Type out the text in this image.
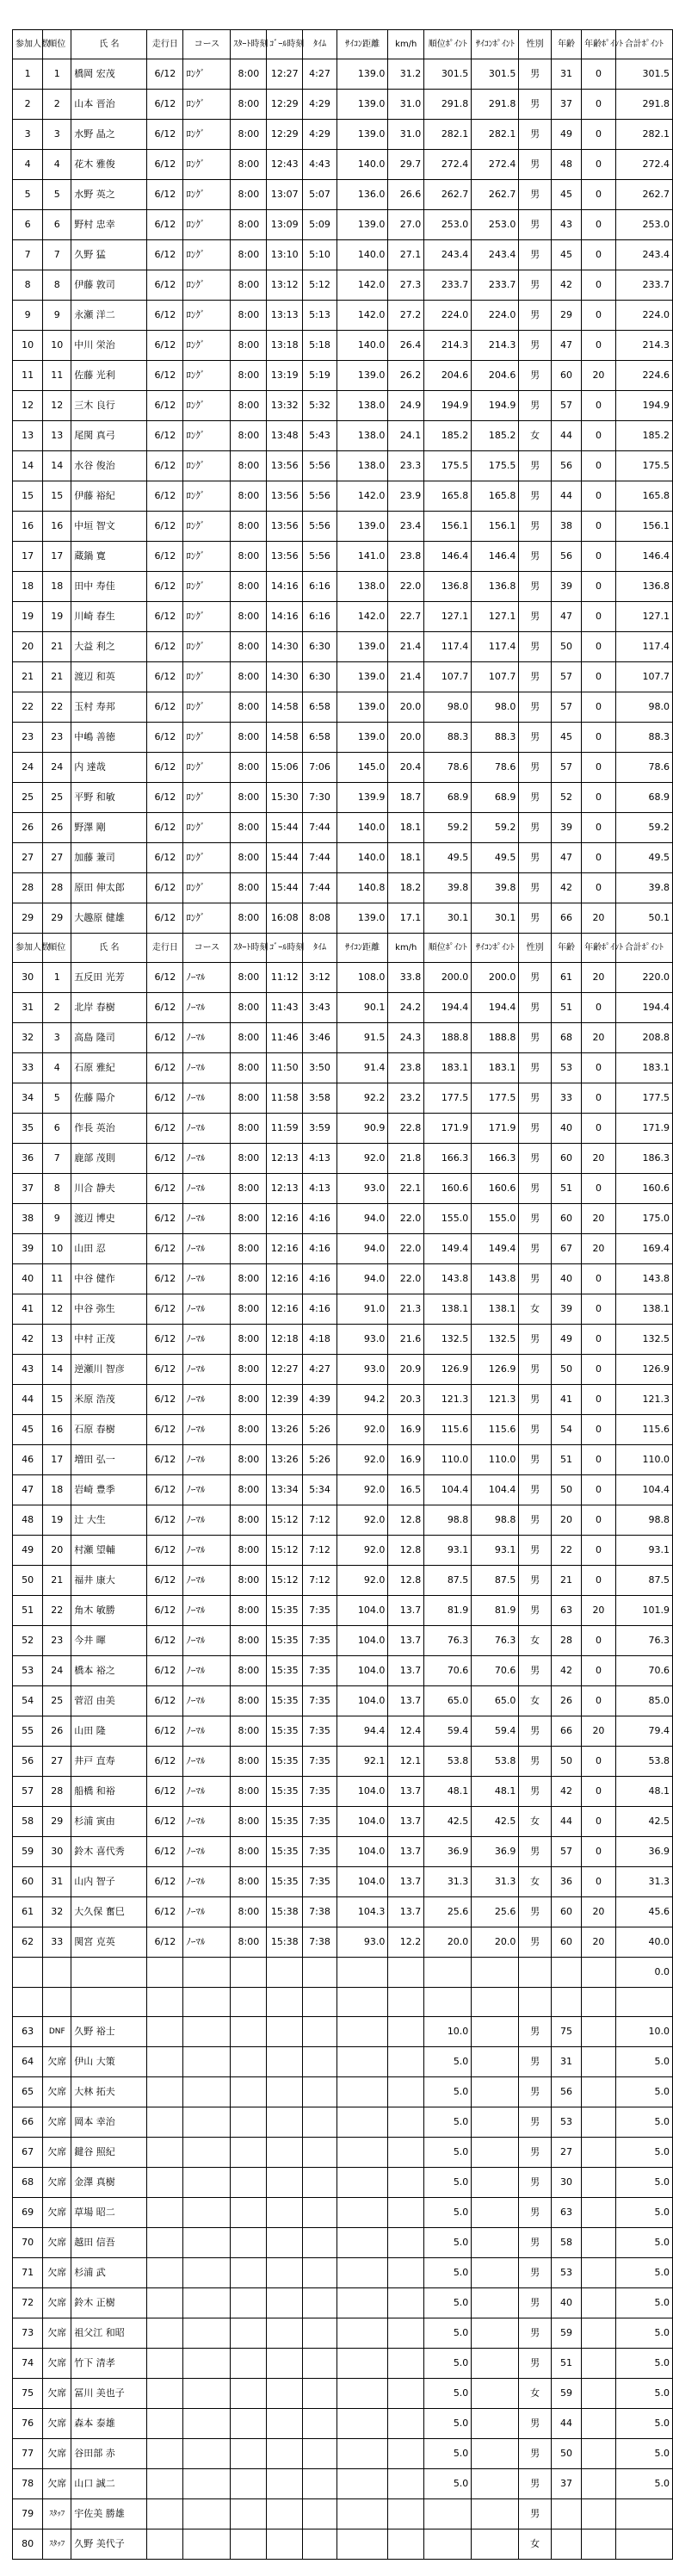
参加人数	順位	氏 名	走行日	コース	ｽﾀｰﾄ時刻	ｺﾞｰﾙ時刻	ﾀｲﾑ	ｻｲｺﾝ距離	km/h	順位ﾎﾟｲﾝﾄ	ｻｲｺﾝﾎﾟｲﾝﾄ	性別	年齢	年齢ﾎﾟｲﾝﾄ	合計ﾎﾟｲﾝﾄ
1	1	橋岡 宏茂	6/12	ﾛﾝｸﾞ	8:00	12:27	4:27	139.0	31.2	301.5	301.5	男	31	0	301.5
2	2	山本 晋治	6/12	ﾛﾝｸﾞ	8:00	12:29	4:29	139.0	31.0	291.8	291.8	男	37	0	291.8
3	3	水野 晶之	6/12	ﾛﾝｸﾞ	8:00	12:29	4:29	139.0	31.0	282.1	282.1	男	49	0	282.1
4	4	花木 雅俊	6/12	ﾛﾝｸﾞ	8:00	12:43	4:43	140.0	29.7	272.4	272.4	男	48	0	272.4
5	5	水野 英之	6/12	ﾛﾝｸﾞ	8:00	13:07	5:07	136.0	26.6	262.7	262.7	男	45	0	262.7
6	6	野村 忠幸	6/12	ﾛﾝｸﾞ	8:00	13:09	5:09	139.0	27.0	253.0	253.0	男	43	0	253.0
7	7	久野 猛	6/12	ﾛﾝｸﾞ	8:00	13:10	5:10	140.0	27.1	243.4	243.4	男	45	0	243.4
8	8	伊藤 敦司	6/12	ﾛﾝｸﾞ	8:00	13:12	5:12	142.0	27.3	233.7	233.7	男	42	0	233.7
9	9	永瀬 洋二	6/12	ﾛﾝｸﾞ	8:00	13:13	5:13	142.0	27.2	224.0	224.0	男	29	0	224.0
10	10	中川 栄治	6/12	ﾛﾝｸﾞ	8:00	13:18	5:18	140.0	26.4	214.3	214.3	男	47	0	214.3
11	11	佐藤 光利	6/12	ﾛﾝｸﾞ	8:00	13:19	5:19	139.0	26.2	204.6	204.6	男	60	20	224.6
12	12	三木 良行	6/12	ﾛﾝｸﾞ	8:00	13:32	5:32	138.0	24.9	194.9	194.9	男	57	0	194.9
13	13	尾関 真弓	6/12	ﾛﾝｸﾞ	8:00	13:48	5:43	138.0	24.1	185.2	185.2	女	44	0	185.2
14	14	水谷 俊治	6/12	ﾛﾝｸﾞ	8:00	13:56	5:56	138.0	23.3	175.5	175.5	男	56	0	175.5
15	15	伊藤 裕紀	6/12	ﾛﾝｸﾞ	8:00	13:56	5:56	142.0	23.9	165.8	165.8	男	44	0	165.8
16	16	中垣 智文	6/12	ﾛﾝｸﾞ	8:00	13:56	5:56	139.0	23.4	156.1	156.1	男	38	0	156.1
17	17	蔵鍋 寛	6/12	ﾛﾝｸﾞ	8:00	13:56	5:56	141.0	23.8	146.4	146.4	男	56	0	146.4
18	18	田中 寿佳	6/12	ﾛﾝｸﾞ	8:00	14:16	6:16	138.0	22.0	136.8	136.8	男	39	0	136.8
19	19	川崎 春生	6/12	ﾛﾝｸﾞ	8:00	14:16	6:16	142.0	22.7	127.1	127.1	男	47	0	127.1
20	21	大益 利之	6/12	ﾛﾝｸﾞ	8:00	14:30	6:30	139.0	21.4	117.4	117.4	男	50	0	117.4
21	21	渡辺 和英	6/12	ﾛﾝｸﾞ	8:00	14:30	6:30	139.0	21.4	107.7	107.7	男	57	0	107.7
22	22	玉村 寿邦	6/12	ﾛﾝｸﾞ	8:00	14:58	6:58	139.0	20.0	98.0	98.0	男	57	0	98.0
23	23	中嶋 善徳	6/12	ﾛﾝｸﾞ	8:00	14:58	6:58	139.0	20.0	88.3	88.3	男	45	0	88.3
24	24	内 達哉	6/12	ﾛﾝｸﾞ	8:00	15:06	7:06	145.0	20.4	78.6	78.6	男	57	0	78.6
25	25	平野 和敏	6/12	ﾛﾝｸﾞ	8:00	15:30	7:30	139.9	18.7	68.9	68.9	男	52	0	68.9
26	26	野澤 剛	6/12	ﾛﾝｸﾞ	8:00	15:44	7:44	140.0	18.1	59.2	59.2	男	39	0	59.2
27	27	加藤 兼司	6/12	ﾛﾝｸﾞ	8:00	15:44	7:44	140.0	18.1	49.5	49.5	男	47	0	49.5
28	28	原田 伸太郎	6/12	ﾛﾝｸﾞ	8:00	15:44	7:44	140.8	18.2	39.8	39.8	男	42	0	39.8
29	29	大趣原 健雄	6/12	ﾛﾝｸﾞ	8:00	16:08	8:08	139.0	17.1	30.1	30.1	男	66	20	50.1
参加人数	順位	氏 名	走行日	コース	ｽﾀｰﾄ時刻	ｺﾞｰﾙ時刻	ﾀｲﾑ	ｻｲｺﾝ距離	km/h	順位ﾎﾟｲﾝﾄ	ｻｲｺﾝﾎﾟｲﾝﾄ	性別	年齢	年齢ﾎﾟｲﾝﾄ	合計ﾎﾟｲﾝﾄ
30	1	五反田 光芳	6/12	ﾉｰﾏﾙ	8:00	11:12	3:12	108.0	33.8	200.0	200.0	男	61	20	220.0
31	2	北岸 春樹	6/12	ﾉｰﾏﾙ	8:00	11:43	3:43	90.1	24.2	194.4	194.4	男	51	0	194.4
32	3	高島 隆司	6/12	ﾉｰﾏﾙ	8:00	11:46	3:46	91.5	24.3	188.8	188.8	男	68	20	208.8
33	4	石原 雅紀	6/12	ﾉｰﾏﾙ	8:00	11:50	3:50	91.4	23.8	183.1	183.1	男	53	0	183.1
34	5	佐藤 陽介	6/12	ﾉｰﾏﾙ	8:00	11:58	3:58	92.2	23.2	177.5	177.5	男	33	0	177.5
35	6	作長 英治	6/12	ﾉｰﾏﾙ	8:00	11:59	3:59	90.9	22.8	171.9	171.9	男	40	0	171.9
36	7	鹿部 茂則	6/12	ﾉｰﾏﾙ	8:00	12:13	4:13	92.0	21.8	166.3	166.3	男	60	20	186.3
37	8	川合 静夫	6/12	ﾉｰﾏﾙ	8:00	12:13	4:13	93.0	22.1	160.6	160.6	男	51	0	160.6
38	9	渡辺 博史	6/12	ﾉｰﾏﾙ	8:00	12:16	4:16	94.0	22.0	155.0	155.0	男	60	20	175.0
39	10	山田 忍	6/12	ﾉｰﾏﾙ	8:00	12:16	4:16	94.0	22.0	149.4	149.4	男	67	20	169.4
40	11	中谷 健作	6/12	ﾉｰﾏﾙ	8:00	12:16	4:16	94.0	22.0	143.8	143.8	男	40	0	143.8
41	12	中谷 弥生	6/12	ﾉｰﾏﾙ	8:00	12:16	4:16	91.0	21.3	138.1	138.1	女	39	0	138.1
42	13	中村 正茂	6/12	ﾉｰﾏﾙ	8:00	12:18	4:18	93.0	21.6	132.5	132.5	男	49	0	132.5
43	14	逆瀬川 智彦	6/12	ﾉｰﾏﾙ	8:00	12:27	4:27	93.0	20.9	126.9	126.9	男	50	0	126.9
44	15	米原 浩茂	6/12	ﾉｰﾏﾙ	8:00	12:39	4:39	94.2	20.3	121.3	121.3	男	41	0	121.3
45	16	石原 春樹	6/12	ﾉｰﾏﾙ	8:00	13:26	5:26	92.0	16.9	115.6	115.6	男	54	0	115.6
46	17	増田 弘一	6/12	ﾉｰﾏﾙ	8:00	13:26	5:26	92.0	16.9	110.0	110.0	男	51	0	110.0
47	18	岩崎 豊季	6/12	ﾉｰﾏﾙ	8:00	13:34	5:34	92.0	16.5	104.4	104.4	男	50	0	104.4
48	19	辻 大生	6/12	ﾉｰﾏﾙ	8:00	15:12	7:12	92.0	12.8	98.8	98.8	男	20	0	98.8
49	20	村瀬 望輔	6/12	ﾉｰﾏﾙ	8:00	15:12	7:12	92.0	12.8	93.1	93.1	男	22	0	93.1
50	21	福井 康大	6/12	ﾉｰﾏﾙ	8:00	15:12	7:12	92.0	12.8	87.5	87.5	男	21	0	87.5
51	22	角木 敏勝	6/12	ﾉｰﾏﾙ	8:00	15:35	7:35	104.0	13.7	81.9	81.9	男	63	20	101.9
52	23	今井 暉	6/12	ﾉｰﾏﾙ	8:00	15:35	7:35	104.0	13.7	76.3	76.3	女	28	0	76.3
53	24	橋本 裕之	6/12	ﾉｰﾏﾙ	8:00	15:35	7:35	104.0	13.7	70.6	70.6	男	42	0	70.6
54	25	菅沼 由美	6/12	ﾉｰﾏﾙ	8:00	15:35	7:35	104.0	13.7	65.0	65.0	女	26	0	85.0
55	26	山田 隆	6/12	ﾉｰﾏﾙ	8:00	15:35	7:35	94.4	12.4	59.4	59.4	男	66	20	79.4
56	27	井戸 直寿	6/12	ﾉｰﾏﾙ	8:00	15:35	7:35	92.1	12.1	53.8	53.8	男	50	0	53.8
57	28	船橋 和裕	6/12	ﾉｰﾏﾙ	8:00	15:35	7:35	104.0	13.7	48.1	48.1	男	42	0	48.1
58	29	杉浦 寅由	6/12	ﾉｰﾏﾙ	8:00	15:35	7:35	104.0	13.7	42.5	42.5	女	44	0	42.5
59	30	鈴木 喜代秀	6/12	ﾉｰﾏﾙ	8:00	15:35	7:35	104.0	13.7	36.9	36.9	男	57	0	36.9
60	31	山内 智子	6/12	ﾉｰﾏﾙ	8:00	15:35	7:35	104.0	13.7	31.3	31.3	女	36	0	31.3
61	32	大久保 奮巳	6/12	ﾉｰﾏﾙ	8:00	15:38	7:38	104.3	13.7	25.6	25.6	男	60	20	45.6
62	33	関宮 克英	6/12	ﾉｰﾏﾙ	8:00	15:38	7:38	93.0	12.2	20.0	20.0	男	60	20	40.0
															0.0

63	DNF	久野 裕士								10.0		男	75		10.0
64	欠席	伊山 大策								5.0		男	31		5.0
65	欠席	大林 拓夫								5.0		男	56		5.0
66	欠席	岡本 幸治								5.0		男	53		5.0
67	欠席	鍵谷 照紀								5.0		男	27		5.0
68	欠席	金澤 真樹								5.0		男	30		5.0
69	欠席	草場 昭二								5.0		男	63		5.0
70	欠席	越田 信吾								5.0		男	58		5.0
71	欠席	杉浦 武								5.0		男	53		5.0
72	欠席	鈴木 正樹								5.0		男	40		5.0
73	欠席	祖父江 和昭								5.0		男	59		5.0
74	欠席	竹下 清孝								5.0		男	51		5.0
75	欠席	冨川 美也子								5.0		女	59		5.0
76	欠席	森本 泰雄								5.0		男	44		5.0
77	欠席	谷田部 赤								5.0		男	50		5.0
78	欠席	山口 誠二								5.0		男	37		5.0
79	ｽﾀｯﾌ	宇佐美 勝雄										男			
80	ｽﾀｯﾌ	久野 美代子										女			
